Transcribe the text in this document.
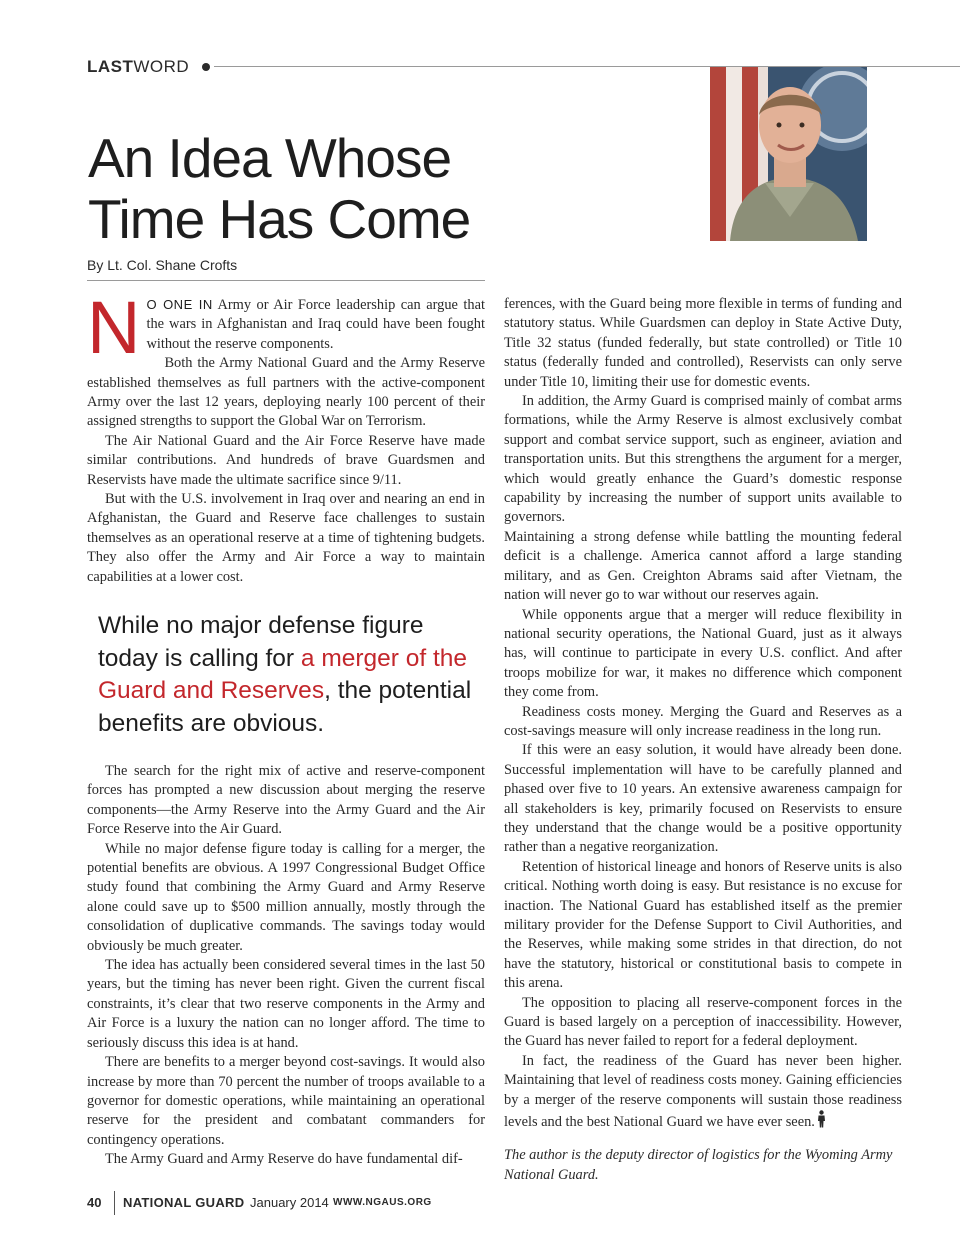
LASTWORD
An Idea Whose Time Has Come
By Lt. Col. Shane Crofts

N O ONE IN Army or Air Force leadership can argue that the wars in Afghanistan and Iraq could have been fought without the reserve components.

Both the Army National Guard and the Army Reserve established themselves as full partners with the active-component Army over the last 12 years, deploying nearly 100 percent of their assigned strengths to support the Global War on Terrorism.

The Air National Guard and the Air Force Reserve have made similar contributions. And hundreds of brave Guardsmen and Reservists have made the ultimate sacrifice since 9/11.

But with the U.S. involvement in Iraq over and nearing an end in Afghanistan, the Guard and Reserve face challenges to sustain themselves as an operational reserve at a time of tightening budgets. They also offer the Army and Air Force a way to maintain capabilities at a lower cost.

While no major defense figure today is calling for a merger of the Guard and Reserves, the potential benefits are obvious.

The search for the right mix of active and reserve-component forces has prompted a new discussion about merging the reserve components—the Army Reserve into the Army Guard and the Air Force Reserve into the Air Guard.

While no major defense figure today is calling for a merger, the potential benefits are obvious. A 1997 Congressional Budget Office study found that combining the Army Guard and Army Reserve alone could save up to $500 million annually, mostly through the consolidation of duplicative commands. The savings today would obviously be much greater.

The idea has actually been considered several times in the last 50 years, but the timing has never been right. Given the current fiscal constraints, it’s clear that two reserve components in the Army and Air Force is a luxury the nation can no longer afford. The time to seriously discuss this idea is at hand.

There are benefits to a merger beyond cost-savings. It would also increase by more than 70 percent the number of troops available to a governor for domestic operations, while maintaining an operational reserve for the president and combatant commanders for contingency operations.

The Army Guard and Army Reserve do have fundamental dif-

ferences, with the Guard being more flexible in terms of funding and statutory status. While Guardsmen can deploy in State Active Duty, Title 32 status (funded federally, but state controlled) or Title 10 status (federally funded and controlled), Reservists can only serve under Title 10, limiting their use for domestic events.

In addition, the Army Guard is comprised mainly of combat arms formations, while the Army Reserve is almost exclusively combat support and combat service support, such as engineer, aviation and transportation units. But this strengthens the argument for a merger, which would greatly enhance the Guard’s domestic response capability by increasing the number of support units available to governors.

Maintaining a strong defense while battling the mounting federal deficit is a challenge. America cannot afford a large standing military, and as Gen. Creighton Abrams said after Vietnam, the nation will never go to war without our reserves again.

While opponents argue that a merger will reduce flexibility in national security operations, the National Guard, just as it always has, will continue to participate in every U.S. conflict. And after troops mobilize for war, it makes no difference which component they come from.

Readiness costs money. Merging the Guard and Reserves as a cost-savings measure will only increase readiness in the long run.

If this were an easy solution, it would have already been done. Successful implementation will have to be carefully planned and phased over five to 10 years. An extensive awareness campaign for all stakeholders is key, primarily focused on Reservists to ensure they understand that the change would be a positive opportunity rather than a negative reorganization.

Retention of historical lineage and honors of Reserve units is also critical. Nothing worth doing is easy. But resistance is no excuse for inaction. The National Guard has established itself as the premier military provider for the Defense Support to Civil Authorities, and the Reserves, while making some strides in that direction, do not have the statutory, historical or constitutional basis to compete in this arena.

The opposition to placing all reserve-component forces in the Guard is based largely on a perception of inaccessibility. However, the Guard has never failed to report for a federal deployment.

In fact, the readiness of the Guard has never been higher. Maintaining that level of readiness costs money. Gaining efficiencies by a merger of the reserve components will sustain those readiness levels and the best National Guard we have ever seen.

The author is the deputy director of logistics for the Wyoming Army National Guard.

40 NATIONAL GUARD January 2014 WWW.NGAUS.ORG
